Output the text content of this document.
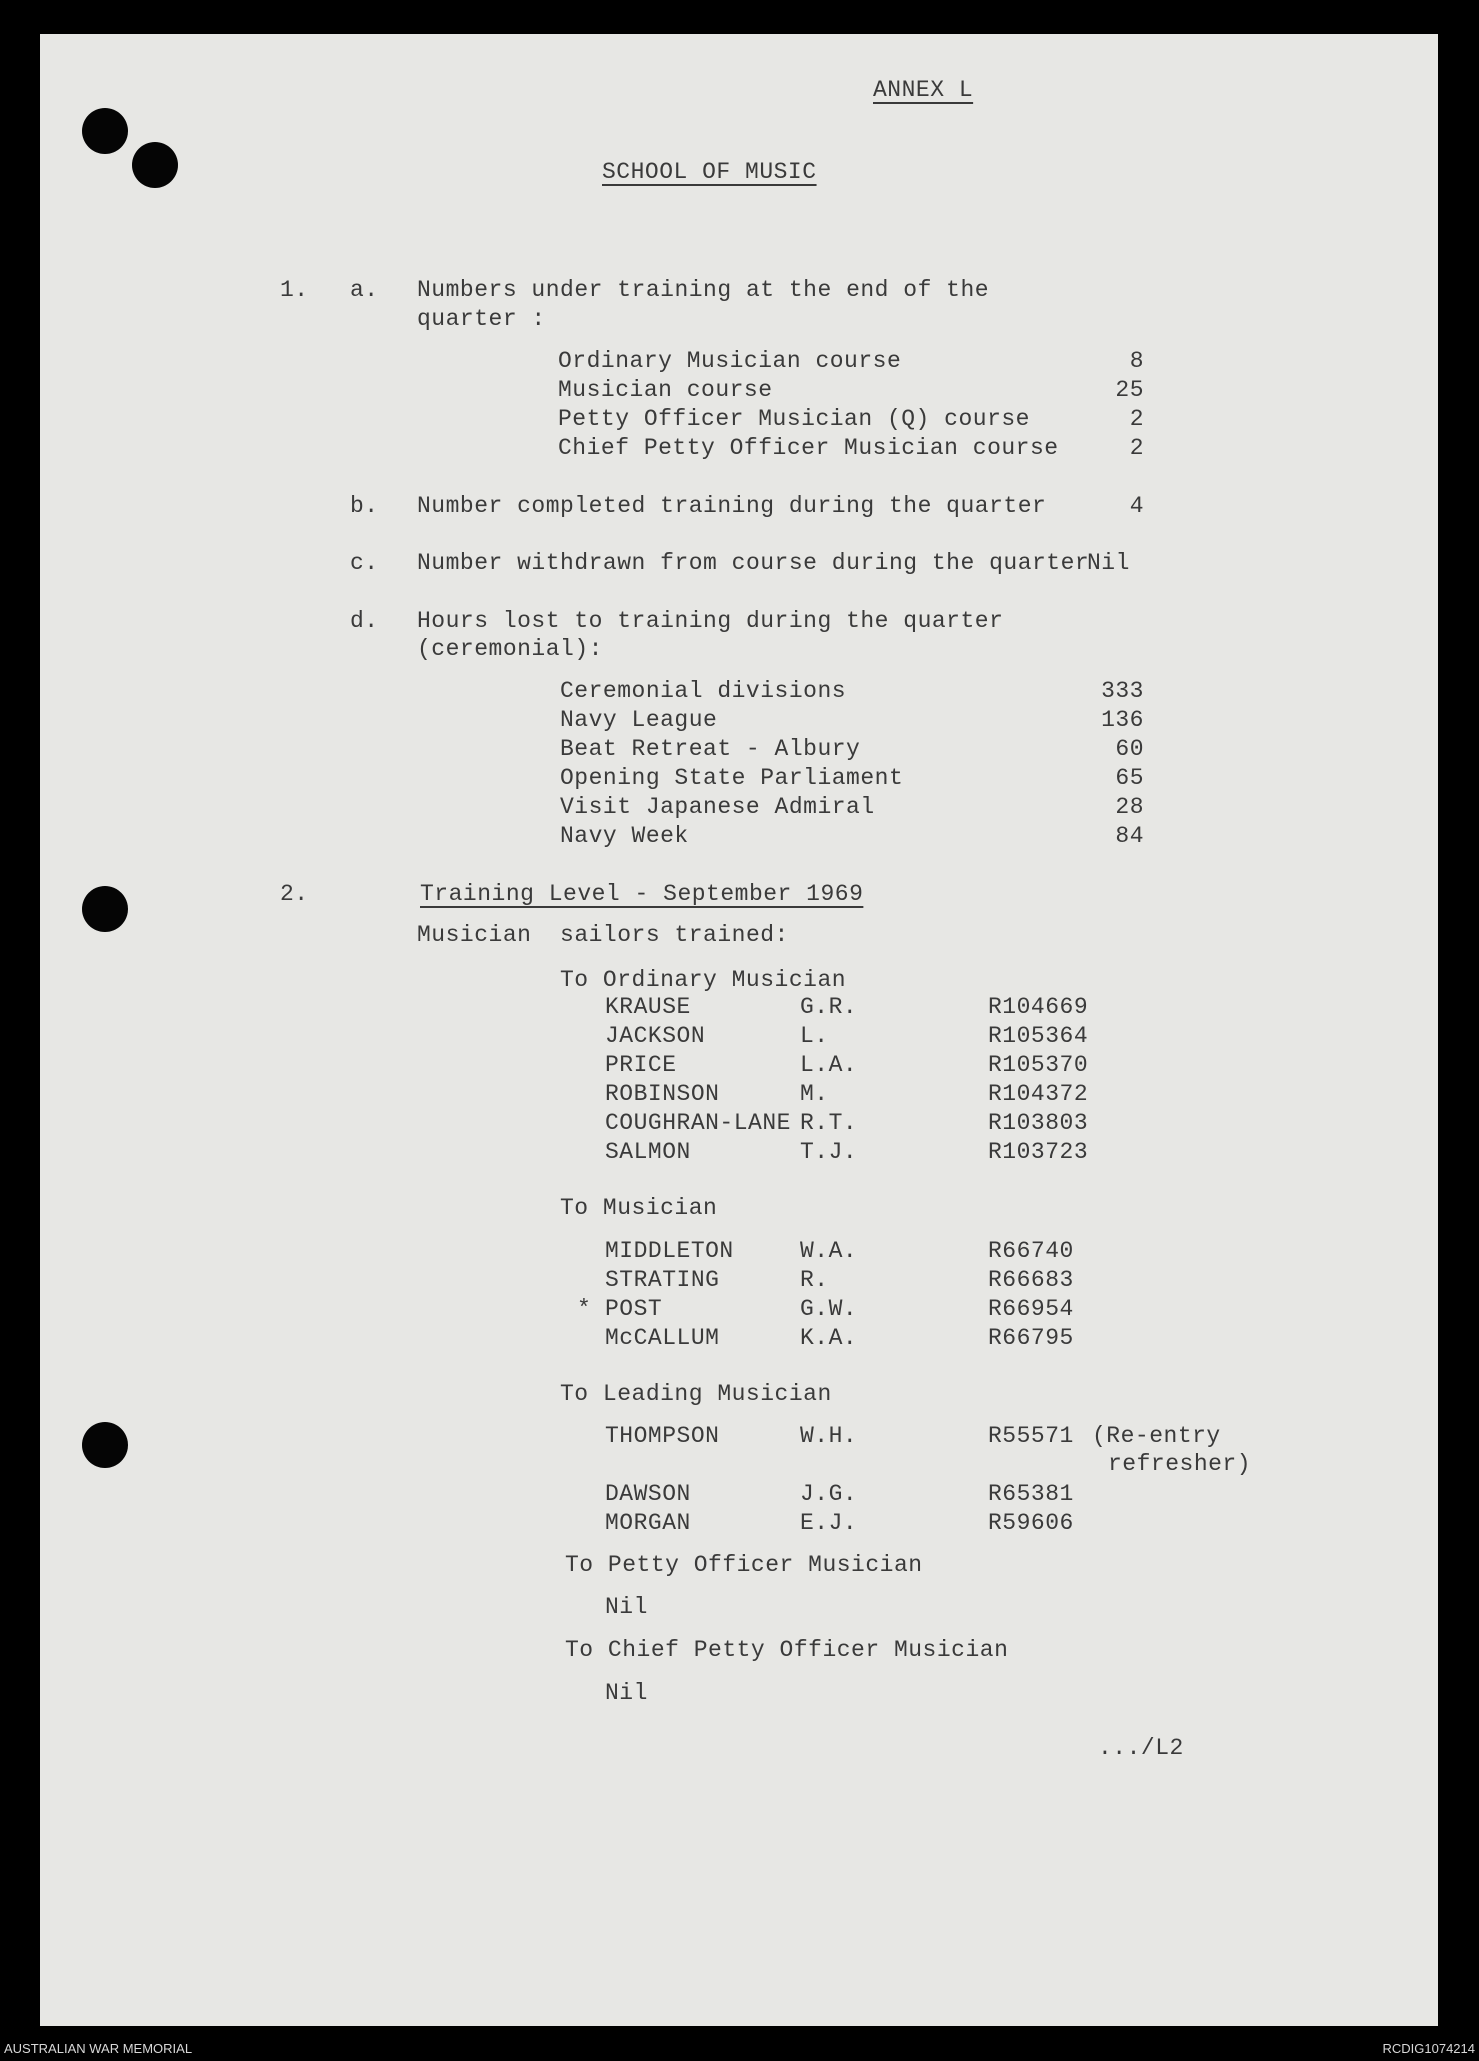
ANNEX L
SCHOOL OF MUSIC
1. a. Numbers under training at the end of the
quarter :
Ordinary Musician course	8
Musician course	25
Petty Officer Musician (Q) course	2
Chief Petty Officer Musician course	2
b. Number completed training during the quarter	4
c. Number withdrawn from course during the quarter
Nil
d. Hours lost to training during the quarter
(ceremonial):
Ceremonial divisions	333
Navy League	136
Beat Retreat - Albury	60
Opening State Parliament	65
Visit Japanese Admiral	28
Navy Week	84
2.	Training Level - September 1969
Musician  sailors trained:
To Ordinary Musician
KRAUSE	G.R.	R104669
JACKSON	L.	R105364
PRICE	L.A.	R105370
ROBINSON	M.	R104372
COUGHRAN-LANE R.T.	R103803
SALMON	T.J.	R103723
To Musician
MIDDLETON	W.A.	R66740
STRATING	R.	R66683
* POST	G.W.	R66954
McCALLUM	K.A.	R66795
To Leading Musician
THOMPSON	W.H.	R55571 (Re-entry
refresher)
DAWSON	J.G.	R65381
MORGAN	E.J.	R59606
To Petty Officer Musician
Nil
To Chief Petty Officer Musician
Nil
.../L2
AUSTRALIAN WAR MEMORIAL	RCDIG1074214
